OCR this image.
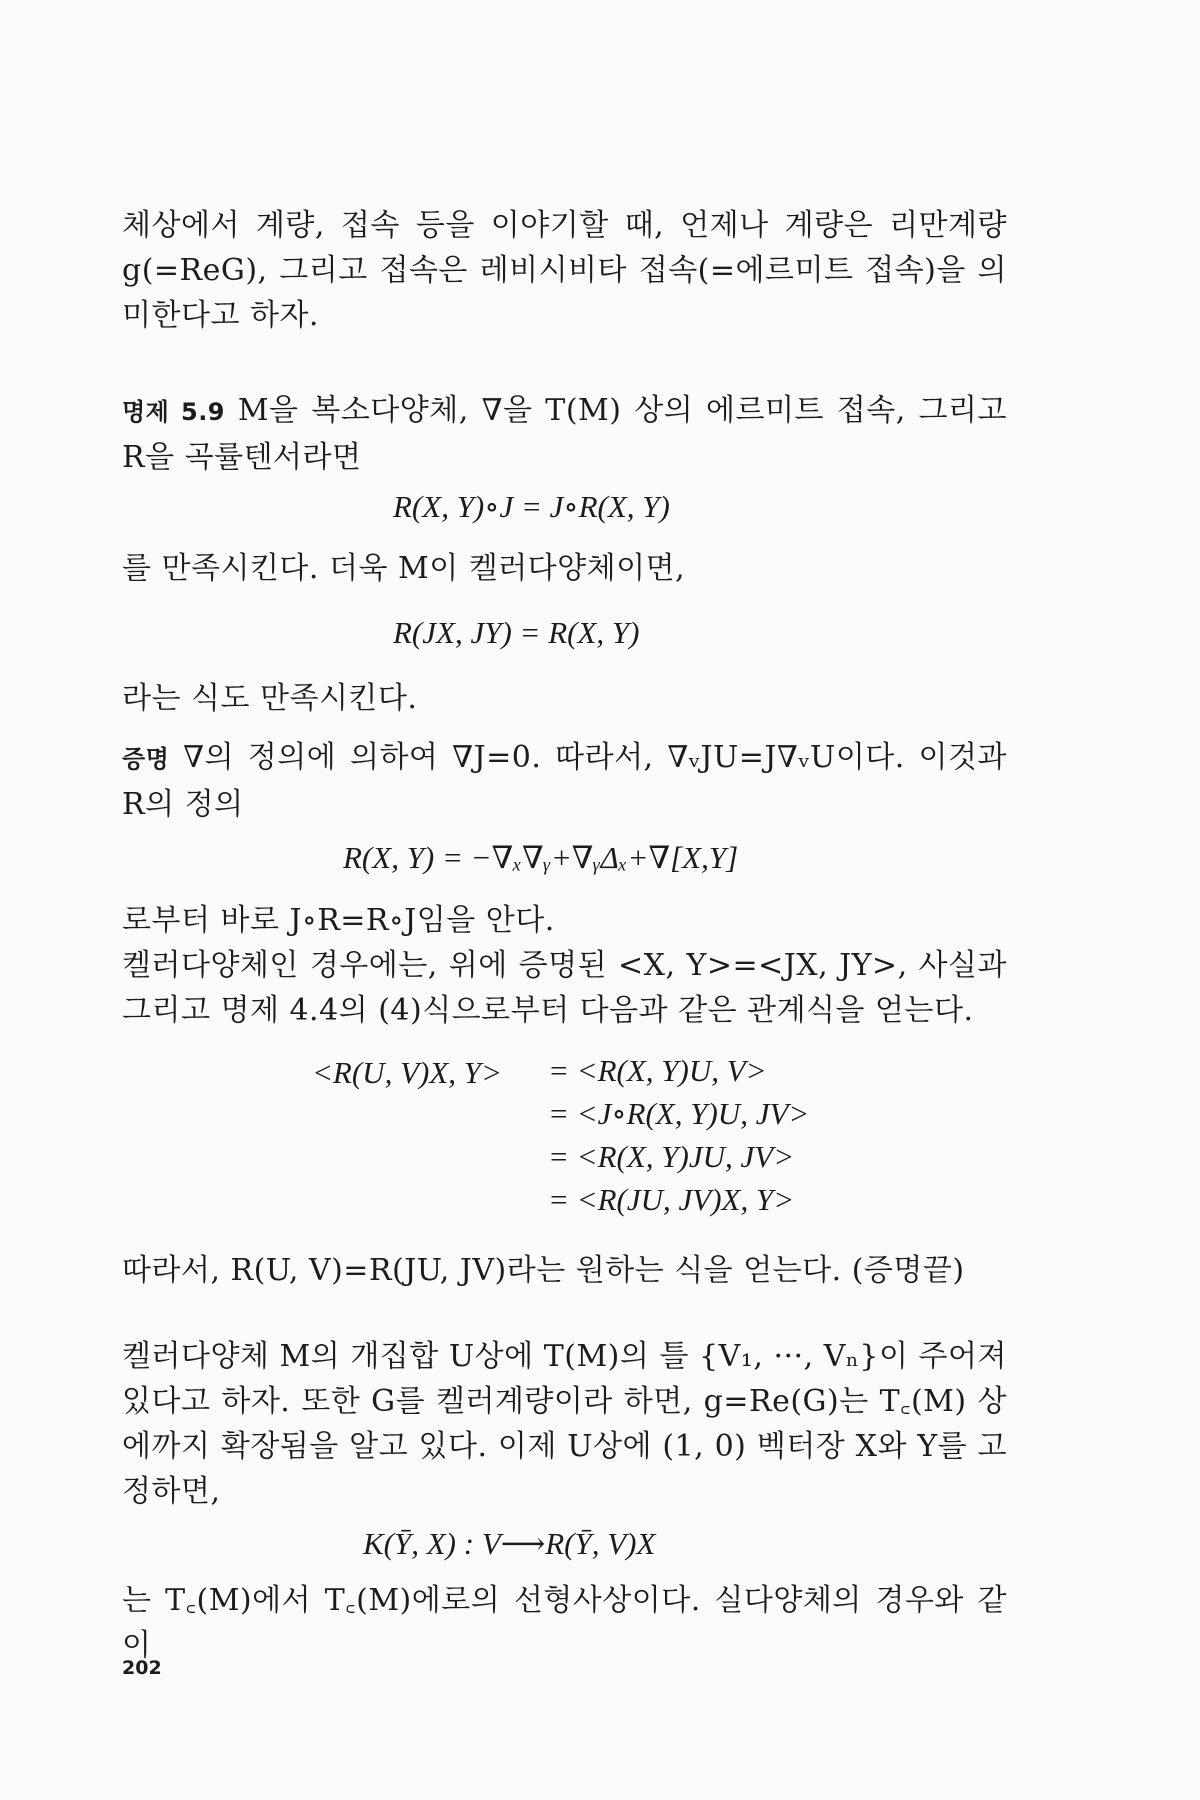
체상에서 계량, 접속 등을 이야기할 때, 언제나 계량은 리만계량 g(=ReG), 그리고 접속은 레비시비타 접속(=에르미트 접속)을 의미한다고 하자.
명제 5.9 M을 복소다양체, ∇을 T(M) 상의 에르미트 접속, 그리고 R을 곡률텐서라면
R(X, Y)∘J = J∘R(X, Y)
를 만족시킨다. 더욱 M이 켈러다양체이면,
R(JX, JY) = R(X, Y)
라는 식도 만족시킨다.
증명 ∇의 정의에 의하여 ∇J=0. 따라서, ∇ᵥJU=J∇ᵥU이다. 이것과 R의 정의
R(X, Y) = −∇ₓ∇ᵧ+∇ᵧΔₓ+∇[X,Y]
로부터 바로 J∘R=R∘J임을 안다.
켈러다양체인 경우에는, 위에 증명된 <X, Y>=<JX, JY>, 사실과 그리고 명제 4.4의 (4)식으로부터 다음과 같은 관계식을 얻는다.
<R(U, V)X, Y> = <R(X, Y)U, V>
= <J∘R(X, Y)U, JV>
= <R(X, Y)JU, JV>
= <R(JU, JV)X, Y>
따라서, R(U, V)=R(JU, JV)라는 원하는 식을 얻는다. (증명끝)
켈러다양체 M의 개집합 U상에 T(M)의 틀 {V₁, ···, Vₙ}이 주어져 있다고 하자. 또한 G를 켈러계량이라 하면, g=Re(G)는 T꜀(M) 상에까지 확장됨을 알고 있다. 이제 U상에 (1, 0) 벡터장 X와 Y를 고정하면,
K(Ȳ, X) : V⟶R(Ȳ, V)X
는 T꜀(M)에서 T꜀(M)에로의 선형사상이다. 실다양체의 경우와 같이
202
